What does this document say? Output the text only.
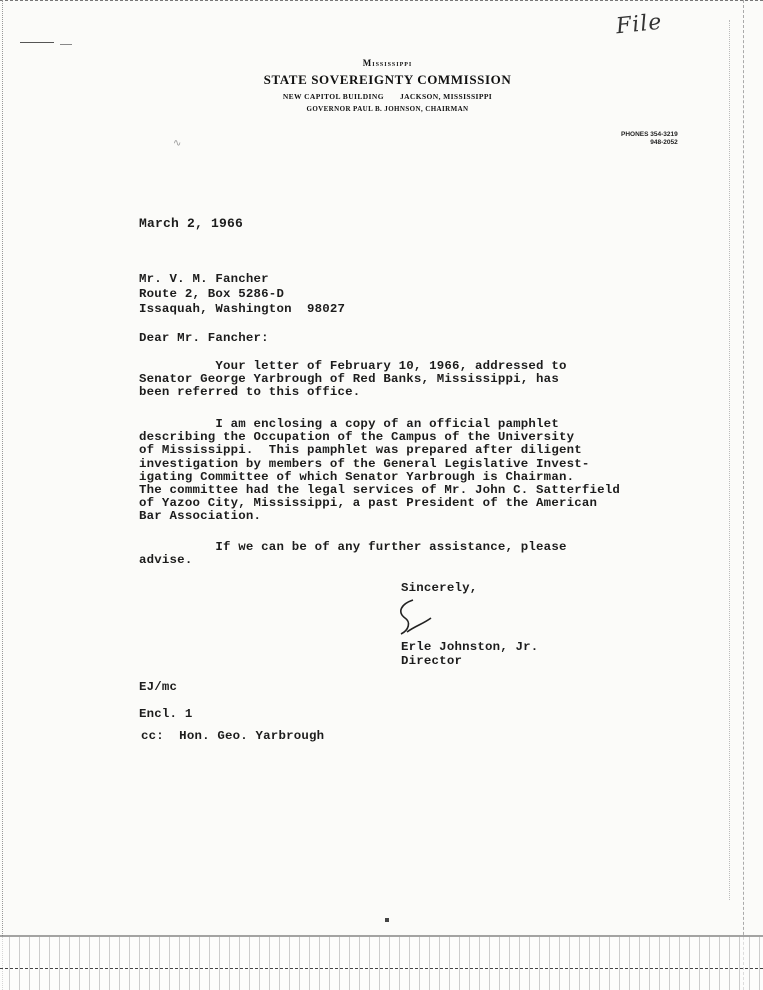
∿
File
Mississippi
STATE SOVEREIGNTY COMMISSION
NEW CAPITOL BUILDING JACKSON, MISSISSIPPI
GOVERNOR PAUL B. JOHNSON, CHAIRMAN
PHONES 354-3219
948-2052
March 2, 1966
Mr. V. M. Fancher
Route 2, Box 5286-D
Issaquah, Washington  98027
Dear Mr. Fancher:
Your letter of February 10, 1966, addressed to
Senator George Yarbrough of Red Banks, Mississippi, has
been referred to this office.
I am enclosing a copy of an official pamphlet
describing the Occupation of the Campus of the University
of Mississippi.  This pamphlet was prepared after diligent
investigation by members of the General Legislative Invest-
igating Committee of which Senator Yarbrough is Chairman.
The committee had the legal services of Mr. John C. Satterfield
of Yazoo City, Mississippi, a past President of the American
Bar Association.
If we can be of any further assistance, please
advise.
Sincerely,
Erle Johnston, Jr.
Director
EJ/mc
Encl. 1
cc:  Hon. Geo. Yarbrough
